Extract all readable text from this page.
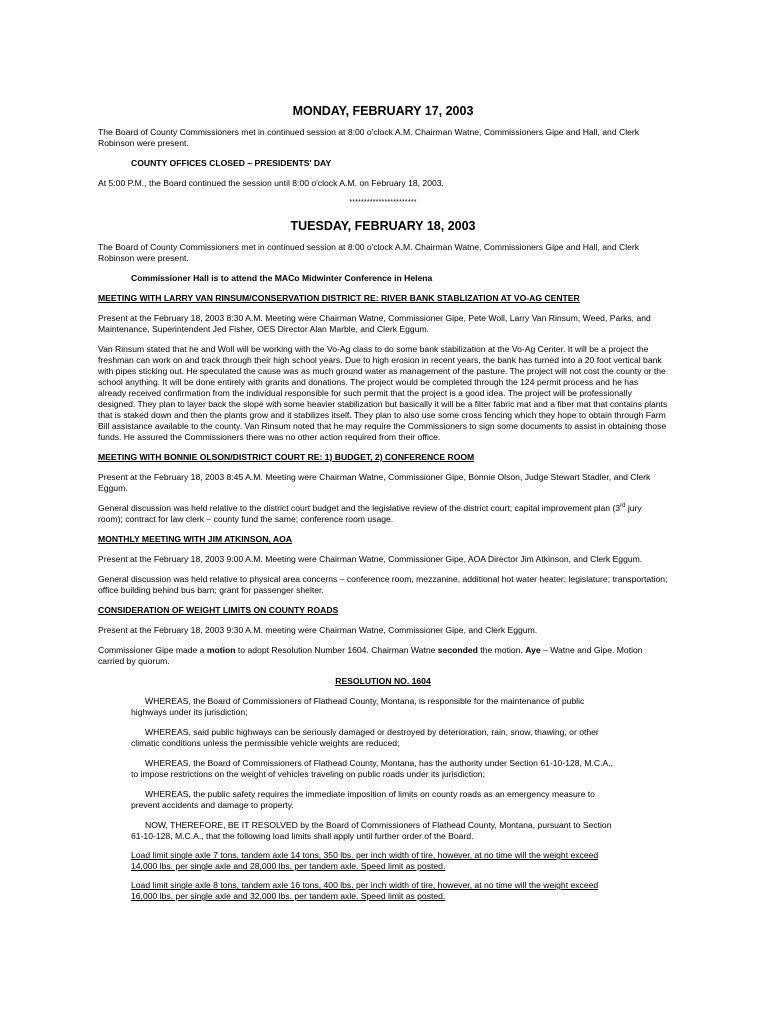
MONDAY, FEBRUARY 17, 2003

The Board of County Commissioners met in continued session at 8:00 o'clock A.M. Chairman Watne, Commissioners Gipe and Hall, and Clerk Robinson were present.

COUNTY OFFICES CLOSED – PRESIDENTS' DAY

At 5:00 P.M., the Board continued the session until 8:00 o'clock A.M. on February 18, 2003.

***********************

TUESDAY, FEBRUARY 18, 2003

The Board of County Commissioners met in continued session at 8:00 o'clock A.M. Chairman Watne, Commissioners Gipe and Hall, and Clerk Robinson were present.

Commissioner Hall is to attend the MACo Midwinter Conference in Helena

MEETING WITH LARRY VAN RINSUM/CONSERVATION DISTRICT RE: RIVER BANK STABLIZATION AT VO-AG CENTER

Present at the February 18, 2003 8:30 A.M. Meeting were Chairman Watne, Commissioner Gipe, Pete Woll, Larry Van Rinsum, Weed, Parks, and Maintenance, Superintendent Jed Fisher, OES Director Alan Marble, and Clerk Eggum.

Van Rinsum stated that he and Woll will be working with the Vo-Ag class to do some bank stabilization at the Vo-Ag Center. It will be a project the freshman can work on and track through their high school years. Due to high erosion in recent years, the bank has turned into a 20 foot vertical bank with pipes sticking out. He speculated the cause was as much ground water as management of the pasture. The project will not cost the county or the school anything. It will be done entirely with grants and donations. The project would be completed through the 124 permit process and he has already received confirmation from the individual responsible for such permit that the project is a good idea. The project will be professionally designed. They plan to layer back the slope with some heavier stabilization but basically it will be a filter fabric mat and a fiber mat that contains plants that is staked down and then the plants grow and it stabilizes itself. They plan to also use some cross fencing which they hope to obtain through Farm Bill assistance available to the county. Van Rinsum noted that he may require the Commissioners to sign some documents to assist in obtaining those funds. He assured the Commissioners there was no other action required from their office.

MEETING WITH BONNIE OLSON/DISTRICT COURT RE: 1) BUDGET, 2) CONFERENCE ROOM

Present at the February 18, 2003 8:45 A.M. Meeting were Chairman Watne, Commissioner Gipe, Bonnie Olson, Judge Stewart Stadler, and Clerk Eggum.

General discussion was held relative to the district court budget and the legislative review of the district court; capital improvement plan (3rd jury room); contract for law clerk – county fund the same; conference room usage.

MONTHLY MEETING WITH JIM ATKINSON, AOA

Present at the February 18, 2003 9:00 A.M. Meeting were Chairman Watne, Commissioner Gipe, AOA Director Jim Atkinson, and Clerk Eggum.

General discussion was held relative to physical area concerns – conference room, mezzanine, additional hot water heater; legislature; transportation; office building behind bus barn; grant for passenger shelter.

CONSIDERATION OF WEIGHT LIMITS ON COUNTY ROADS

Present at the February 18, 2003 9:30 A.M. meeting were Chairman Watne, Commissioner Gipe, and Clerk Eggum.

Commissioner Gipe made a motion to adopt Resolution Number 1604. Chairman Watne seconded the motion. Aye – Watne and Gipe. Motion carried by quorum.

RESOLUTION NO. 1604

WHEREAS, the Board of Commissioners of Flathead County, Montana, is responsible for the maintenance of public highways under its jurisdiction;

WHEREAS, said public highways can be seriously damaged or destroyed by deterioration, rain, snow, thawing, or other climatic conditions unless the permissible vehicle weights are reduced;

WHEREAS, the Board of Commissioners of Flathead County, Montana, has the authority under Section 61-10-128, M.C.A., to impose restrictions on the weight of vehicles traveling on public roads under its jurisdiction;

WHEREAS, the public safety requires the immediate imposition of limits on county roads as an emergency measure to prevent accidents and damage to property.

NOW, THEREFORE, BE IT RESOLVED by the Board of Commissioners of Flathead County, Montana, pursuant to Section 61-10-128, M.C.A., that the following load limits shall apply until further order of the Board.

Load limit single axle 7 tons, tandem axle 14 tons, 350 lbs. per inch width of tire, however, at no time will the weight exceed 14,000 lbs. per single axle and 28,000 lbs. per tandem axle. Speed limit as posted.

Load limit single axle 8 tons, tandem axle 16 tons, 400 lbs. per inch width of tire, however, at no time will the weight exceed 16,000 lbs. per single axle and 32,000 lbs. per tandem axle. Speed limit as posted.
